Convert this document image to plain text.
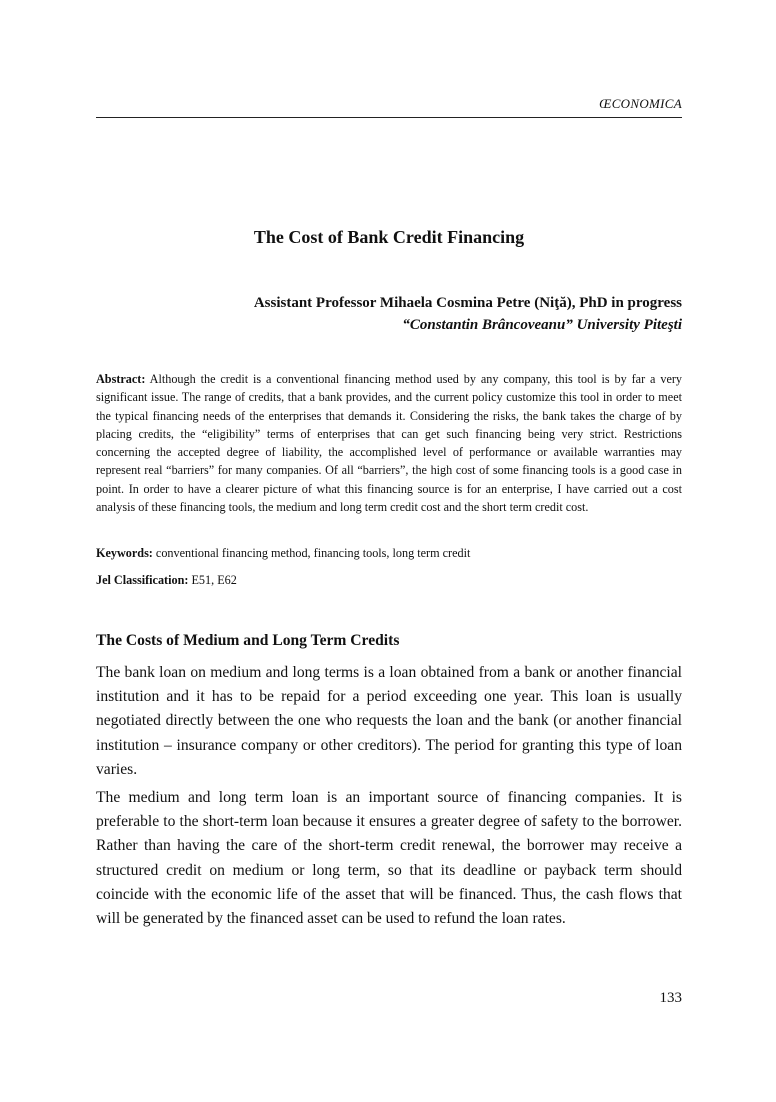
ŒCONOMICA
The Cost of Bank Credit Financing
Assistant Professor Mihaela Cosmina Petre (Niţă), PhD in progress
“Constantin Brâncoveanu” University Piteşti
Abstract: Although the credit is a conventional financing method used by any company, this tool is by far a very significant issue. The range of credits, that a bank provides, and the current policy customize this tool in order to meet the typical financing needs of the enterprises that demands it. Considering the risks, the bank takes the charge of by placing credits, the “eligibility” terms of enterprises that can get such financing being very strict. Restrictions concerning the accepted degree of liability, the accomplished level of performance or available warranties may represent real “barriers” for many companies. Of all “barriers”, the high cost of some financing tools is a good case in point. In order to have a clearer picture of what this financing source is for an enterprise, I have carried out a cost analysis of these financing tools, the medium and long term credit cost and the short term credit cost.
Keywords: conventional financing method, financing tools, long term credit
Jel Classification: E51, E62
The Costs of Medium and Long Term Credits

The bank loan on medium and long terms is a loan obtained from a bank or another financial institution and it has to be repaid for a period exceeding one year. This loan is usually negotiated directly between the one who requests the loan and the bank (or another financial institution – insurance company or other creditors). The period for granting this type of loan varies.

The medium and long term loan is an important source of financing companies. It is preferable to the short-term loan because it ensures a greater degree of safety to the borrower. Rather than having the care of the short-term credit renewal, the borrower may receive a structured credit on medium or long term, so that its deadline or payback term should coincide with the economic life of the asset that will be financed. Thus, the cash flows that will be generated by the financed asset can be used to refund the loan rates.

133
